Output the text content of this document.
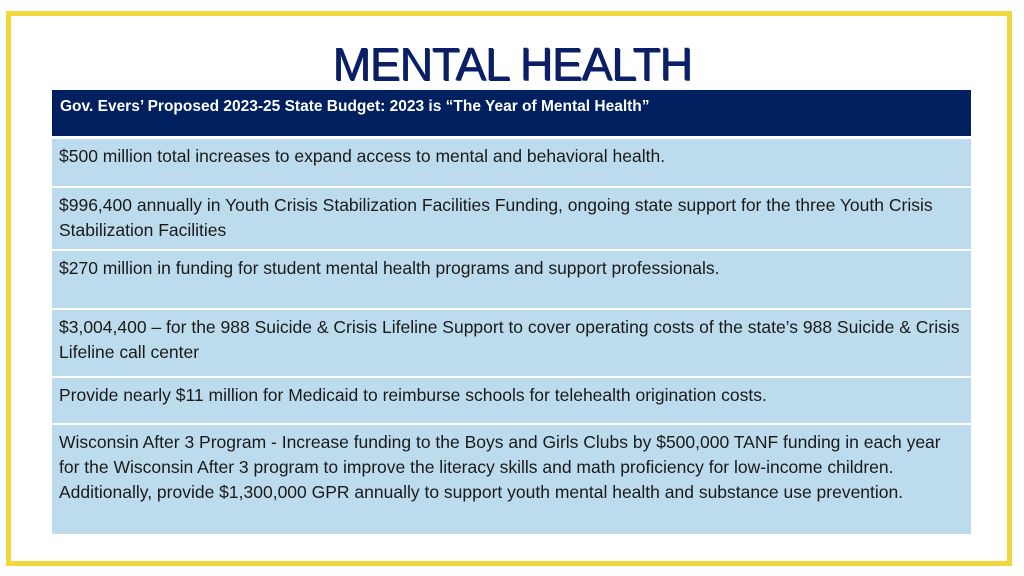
MENTAL HEALTH
Gov. Evers’ Proposed 2023-25 State Budget: 2023 is “The Year of Mental Health”
$500 million total increases to expand access to mental and behavioral health.
$996,400 annually in Youth Crisis Stabilization Facilities Funding, ongoing state support for the three Youth Crisis Stabilization Facilities
$270 million in funding for student mental health programs and support professionals.
$3,004,400 – for the 988 Suicide & Crisis Lifeline Support to cover operating costs of the state’s 988 Suicide & Crisis Lifeline call center
Provide nearly $11 million for Medicaid to reimburse schools for telehealth origination costs.
Wisconsin After 3 Program - Increase funding to the Boys and Girls Clubs by $500,000 TANF funding in each year for the Wisconsin After 3 program to improve the literacy skills and math proficiency for low-income children. Additionally, provide $1,300,000 GPR annually to support youth mental health and substance use prevention.
